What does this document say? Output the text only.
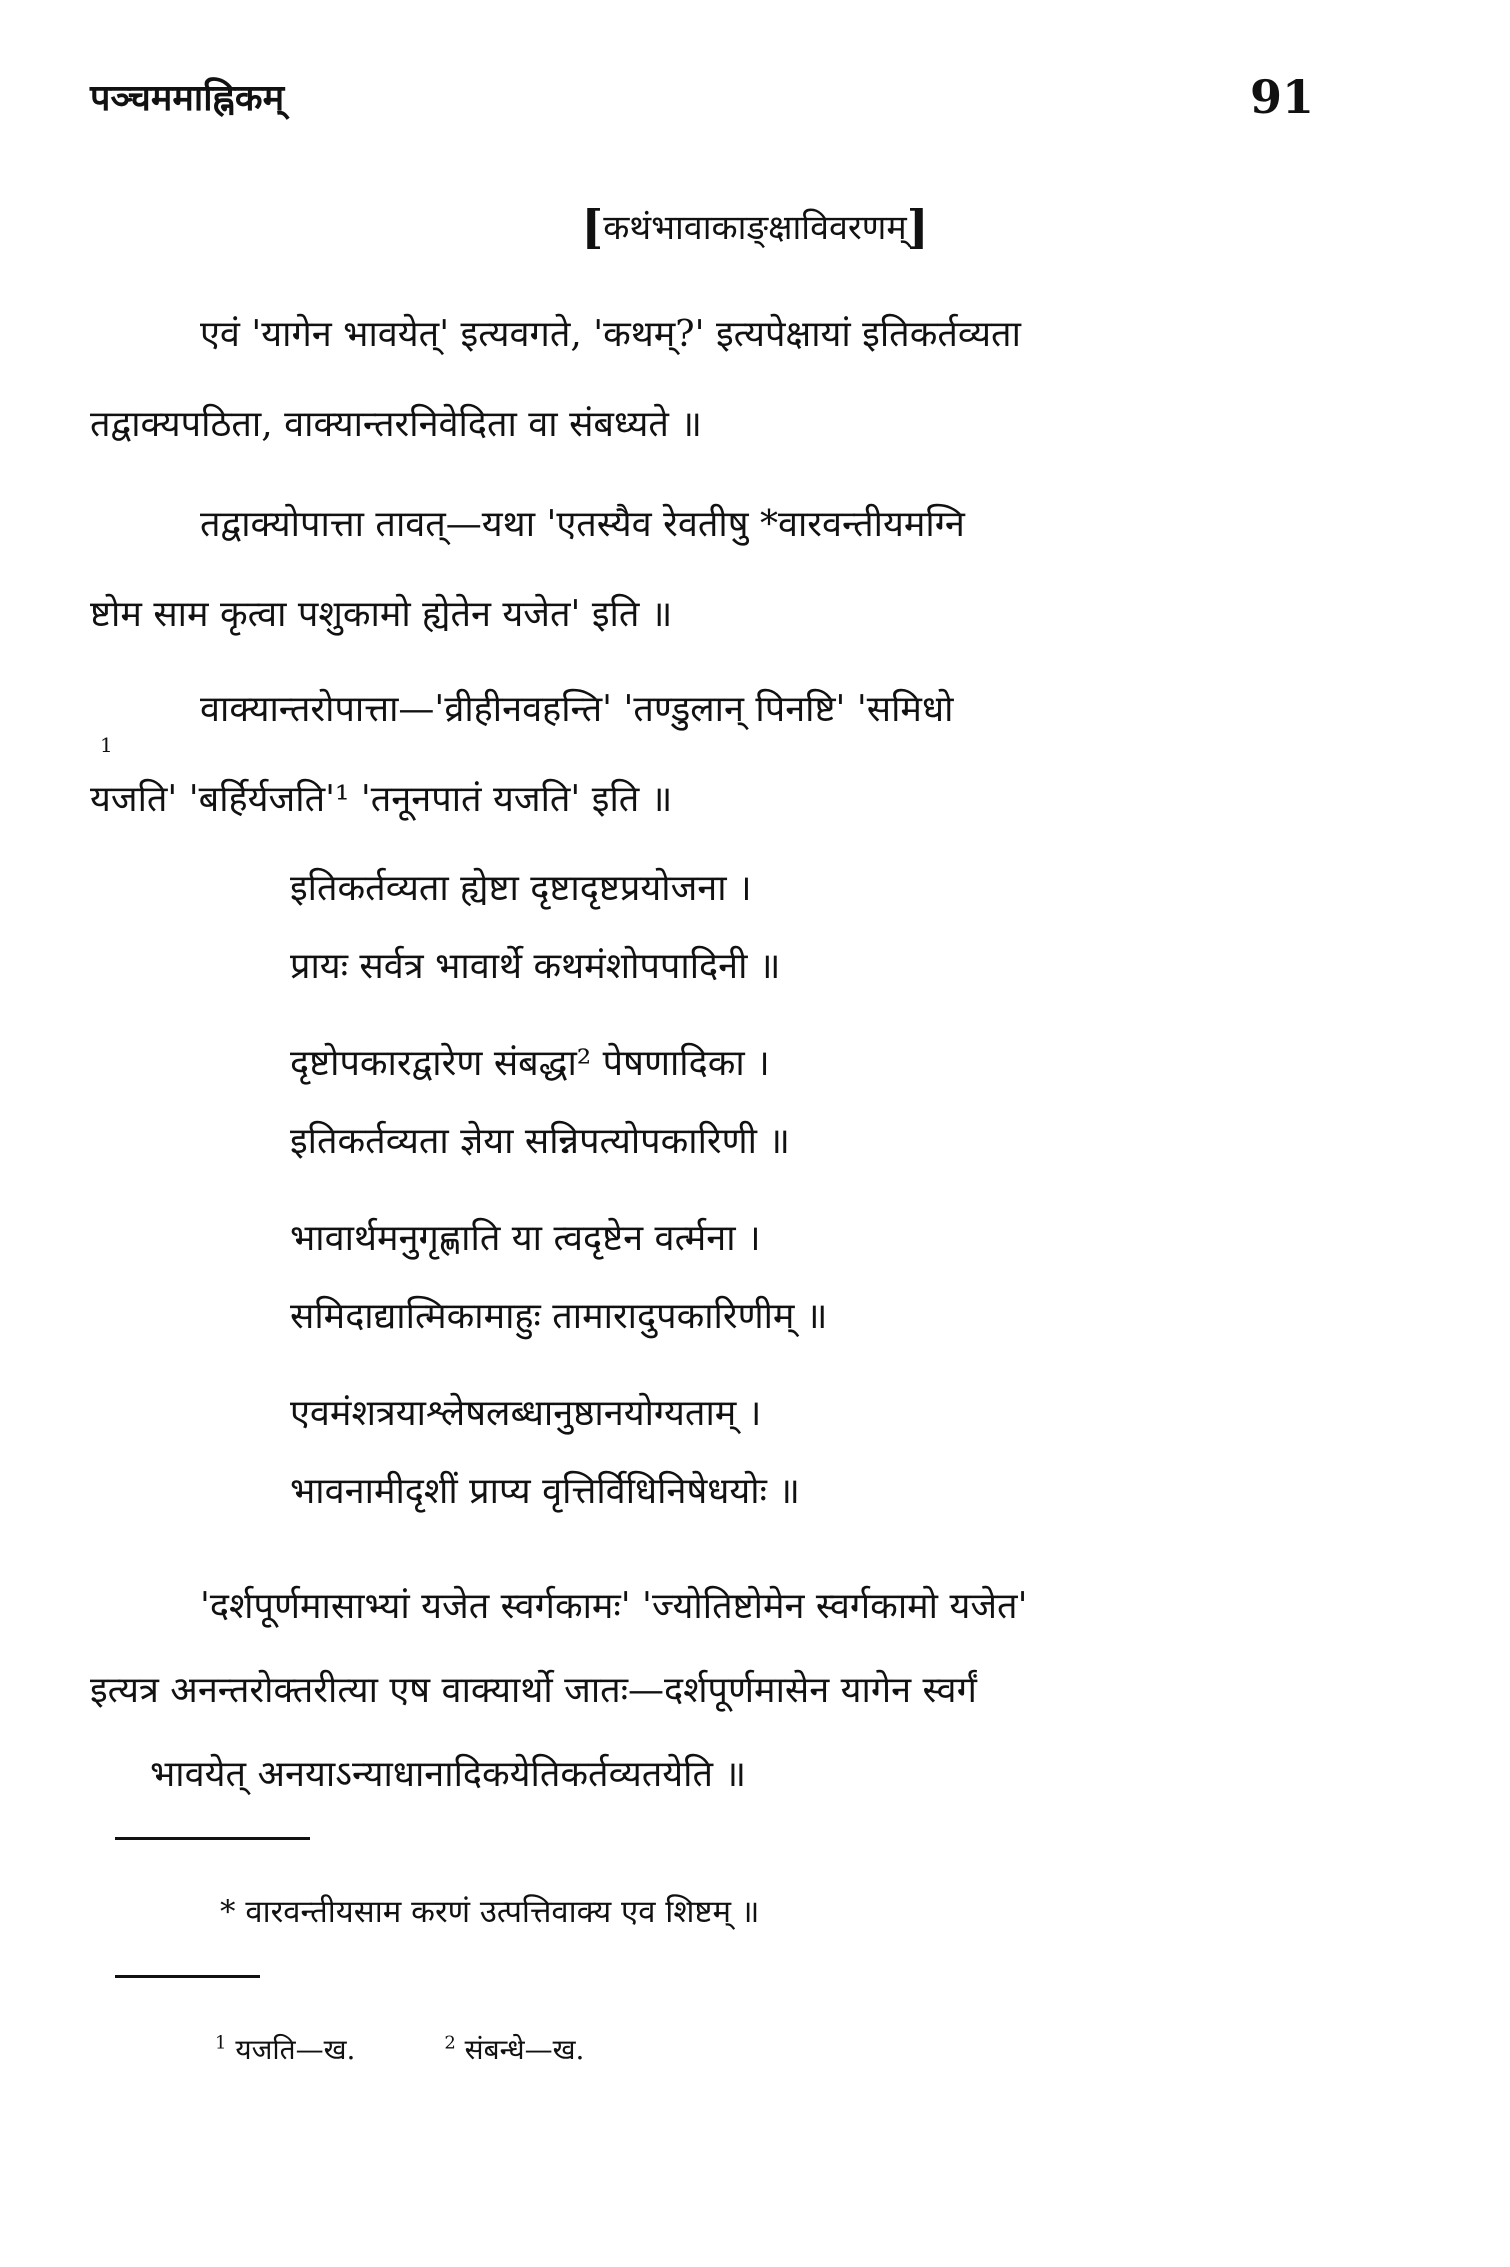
पञ्चममाह्निकम्	91
[कथंभावाकाङ्क्षाविवरणम्]
एवं 'यागेन भावयेत्' इत्यवगते, 'कथम्?' इत्यपेक्षायां इतिकर्तव्यता
तद्वाक्यपठिता, वाक्यान्तरनिवेदिता वा संबध्यते ॥
तद्वाक्योपात्ता तावत्—यथा 'एतस्यैव रेवतीषु *वारवन्तीयमग्नि
ष्टोम साम कृत्वा पशुकामो ह्येतेन यजेत' इति ॥
1
वाक्यान्तरोपात्ता—'व्रीहीनवहन्ति' 'तण्डुलान् पिनष्टि' 'समिधो
यजति' 'बर्हिर्यजति'¹ 'तनूनपातं यजति' इति ॥
इतिकर्तव्यता ह्येष्टा दृष्टादृष्टप्रयोजना ।
प्रायः सर्वत्र भावार्थे कथमंशोपपादिनी ॥
दृष्टोपकारद्वारेण संबद्धा² पेषणादिका ।
इतिकर्तव्यता ज्ञेया सन्निपत्योपकारिणी ॥
भावार्थमनुगृह्णाति या त्वदृष्टेन वर्त्मना ।
समिदाद्यात्मिकामाहुः तामारादुपकारिणीम् ॥
एवमंशत्रयाश्लेषलब्धानुष्ठानयोग्यताम् ।
भावनामीदृशीं प्राप्य वृत्तिर्विधिनिषेधयोः ॥
'दर्शपूर्णमासाभ्यां यजेत स्वर्गकामः' 'ज्योतिष्टोमेन स्वर्गकामो यजेत'
इत्यत्र अनन्तरोक्तरीत्या एष वाक्यार्थो जातः—दर्शपूर्णमासेन यागेन स्वर्गं
भावयेत् अनयाऽन्याधानादिकयेतिकर्तव्यतयेति ॥
* वारवन्तीयसाम करणं उत्पत्तिवाक्य एव शिष्टम् ॥
$^1$ यजति—ख.	$^2$ संबन्धे—ख.
